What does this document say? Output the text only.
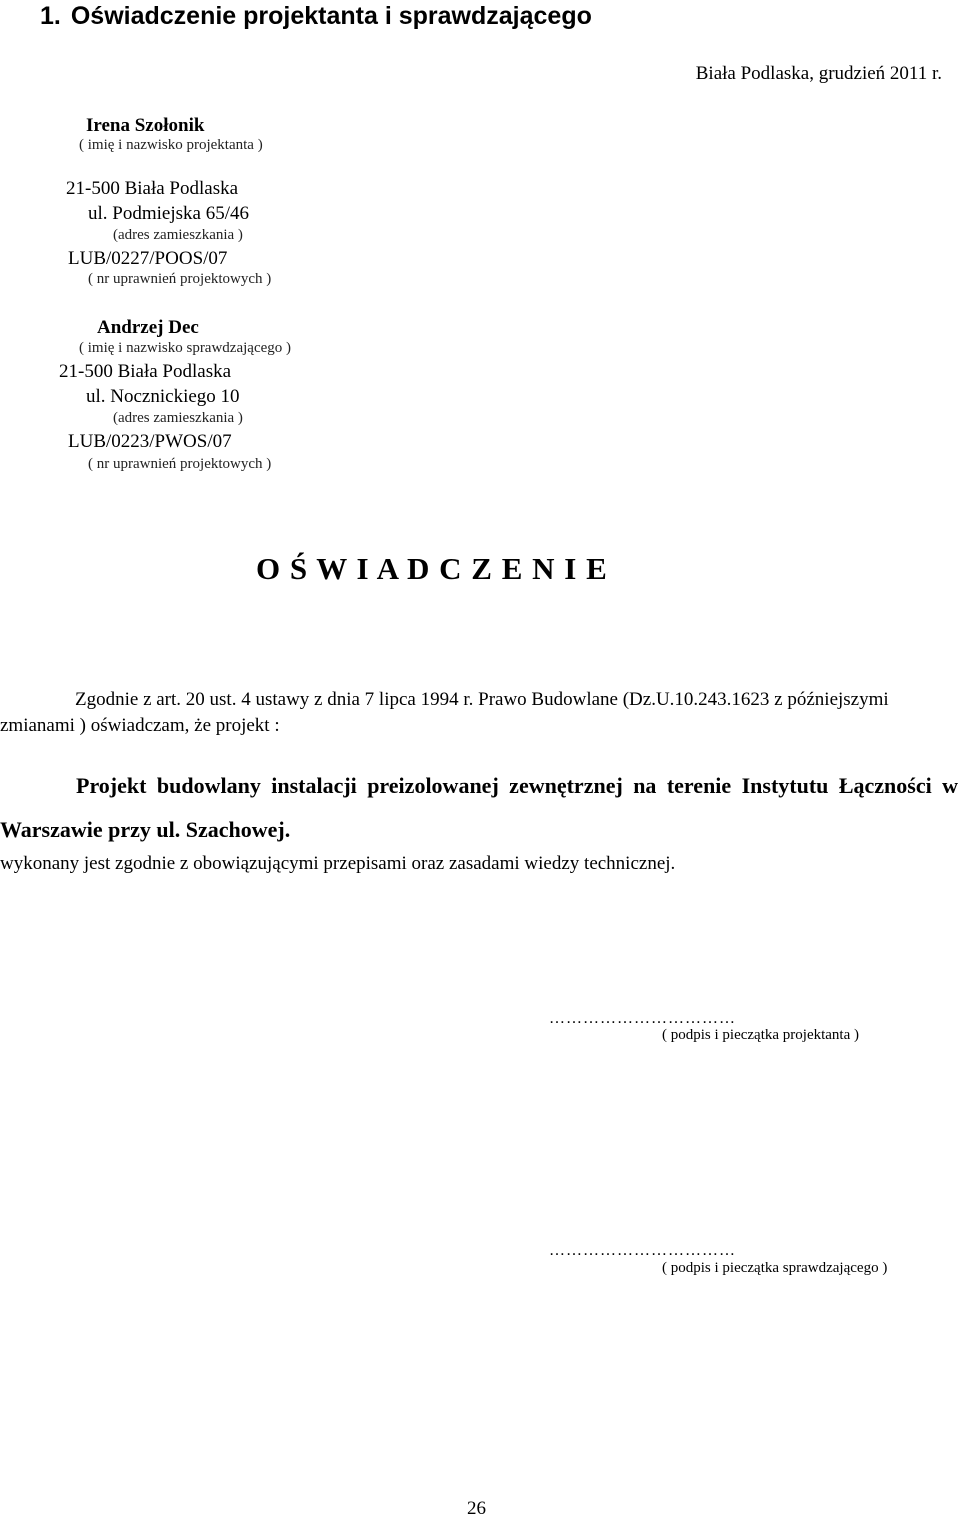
1. Oświadczenie projektanta i sprawdzającego
Biała Podlaska, grudzień 2011 r.
Irena Szołonik
( imię i nazwisko projektanta )
21-500 Biała Podlaska
ul. Podmiejska 65/46
(adres zamieszkania )
LUB/0227/POOS/07
( nr uprawnień projektowych )
Andrzej Dec
( imię i nazwisko sprawdzającego )
21-500 Biała Podlaska
ul. Nocznickiego 10
(adres zamieszkania )
LUB/0223/PWOS/07
( nr uprawnień projektowych )
O Ś W I A D C Z E N I E
Zgodnie z art. 20 ust. 4 ustawy z dnia 7 lipca 1994 r. Prawo Budowlane (Dz.U.10.243.1623 z późniejszymi
zmianami ) oświadczam, że projekt :
Projekt budowlany instalacji preizolowanej zewnętrznej na terenie Instytutu Łączności w Warszawie przy ul. Szachowej.
wykonany jest zgodnie z obowiązującymi przepisami oraz zasadami wiedzy technicznej.
……………………………
( podpis i pieczątka projektanta )
……………………………
( podpis i pieczątka sprawdzającego )
26
